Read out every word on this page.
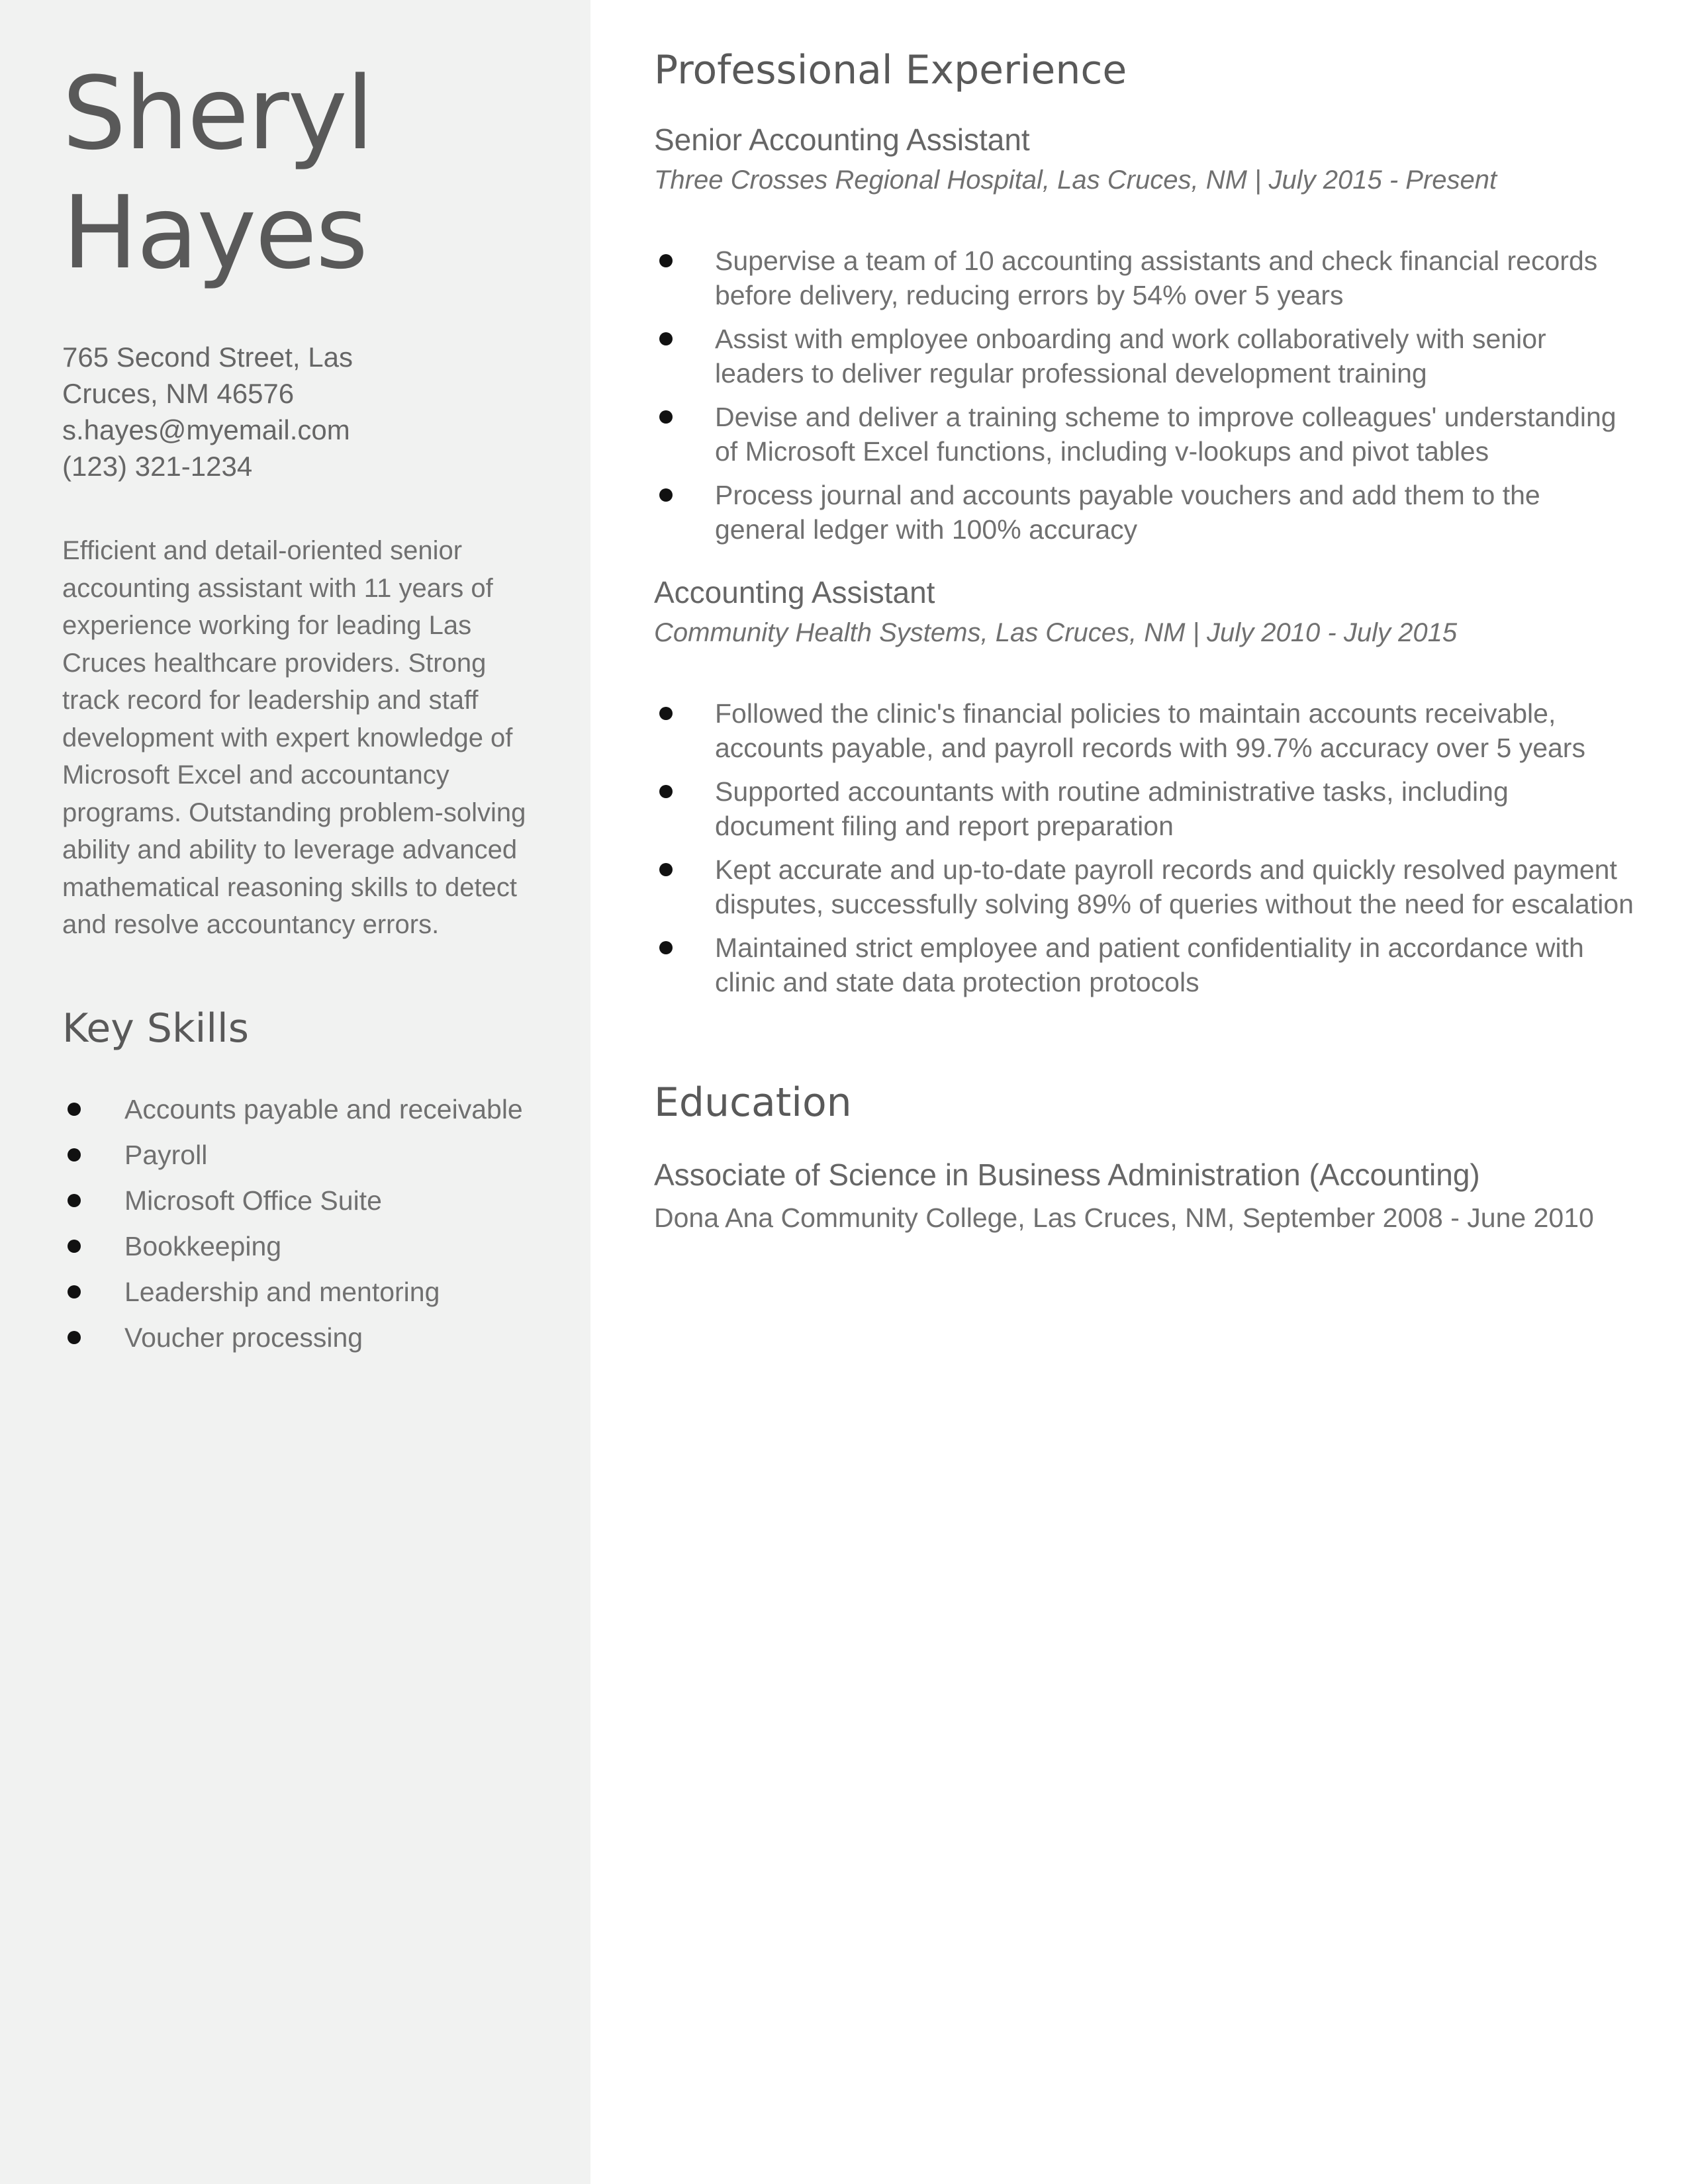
Sheryl
Hayes
765 Second Street, Las
Cruces, NM 46576
s.hayes@myemail.com
(123) 321-1234

Efficient and detail-oriented senior accounting assistant with 11 years of experience working for leading Las Cruces healthcare providers. Strong track record for leadership and staff development with expert knowledge of Microsoft Excel and accountancy programs. Outstanding problem-solving ability and ability to leverage advanced mathematical reasoning skills to detect and resolve accountancy errors.

Key Skills
Accounts payable and receivable
Payroll
Microsoft Office Suite
Bookkeeping
Leadership and mentoring
Voucher processing
Professional Experience
Senior Accounting Assistant
Three Crosses Regional Hospital, Las Cruces, NM | July 2015 - Present
Supervise a team of 10 accounting assistants and check financial records before delivery, reducing errors by 54% over 5 years
Assist with employee onboarding and work collaboratively with senior leaders to deliver regular professional development training
Devise and deliver a training scheme to improve colleagues' understanding of Microsoft Excel functions, including v-lookups and pivot tables
Process journal and accounts payable vouchers and add them to the general ledger with 100% accuracy
Accounting Assistant
Community Health Systems, Las Cruces, NM | July 2010 - July 2015
Followed the clinic's financial policies to maintain accounts receivable, accounts payable, and payroll records with 99.7% accuracy over 5 years
Supported accountants with routine administrative tasks, including document filing and report preparation
Kept accurate and up-to-date payroll records and quickly resolved payment disputes, successfully solving 89% of queries without the need for escalation
Maintained strict employee and patient confidentiality in accordance with clinic and state data protection protocols
Education
Associate of Science in Business Administration (Accounting)
Dona Ana Community College, Las Cruces, NM, September 2008 - June 2010
